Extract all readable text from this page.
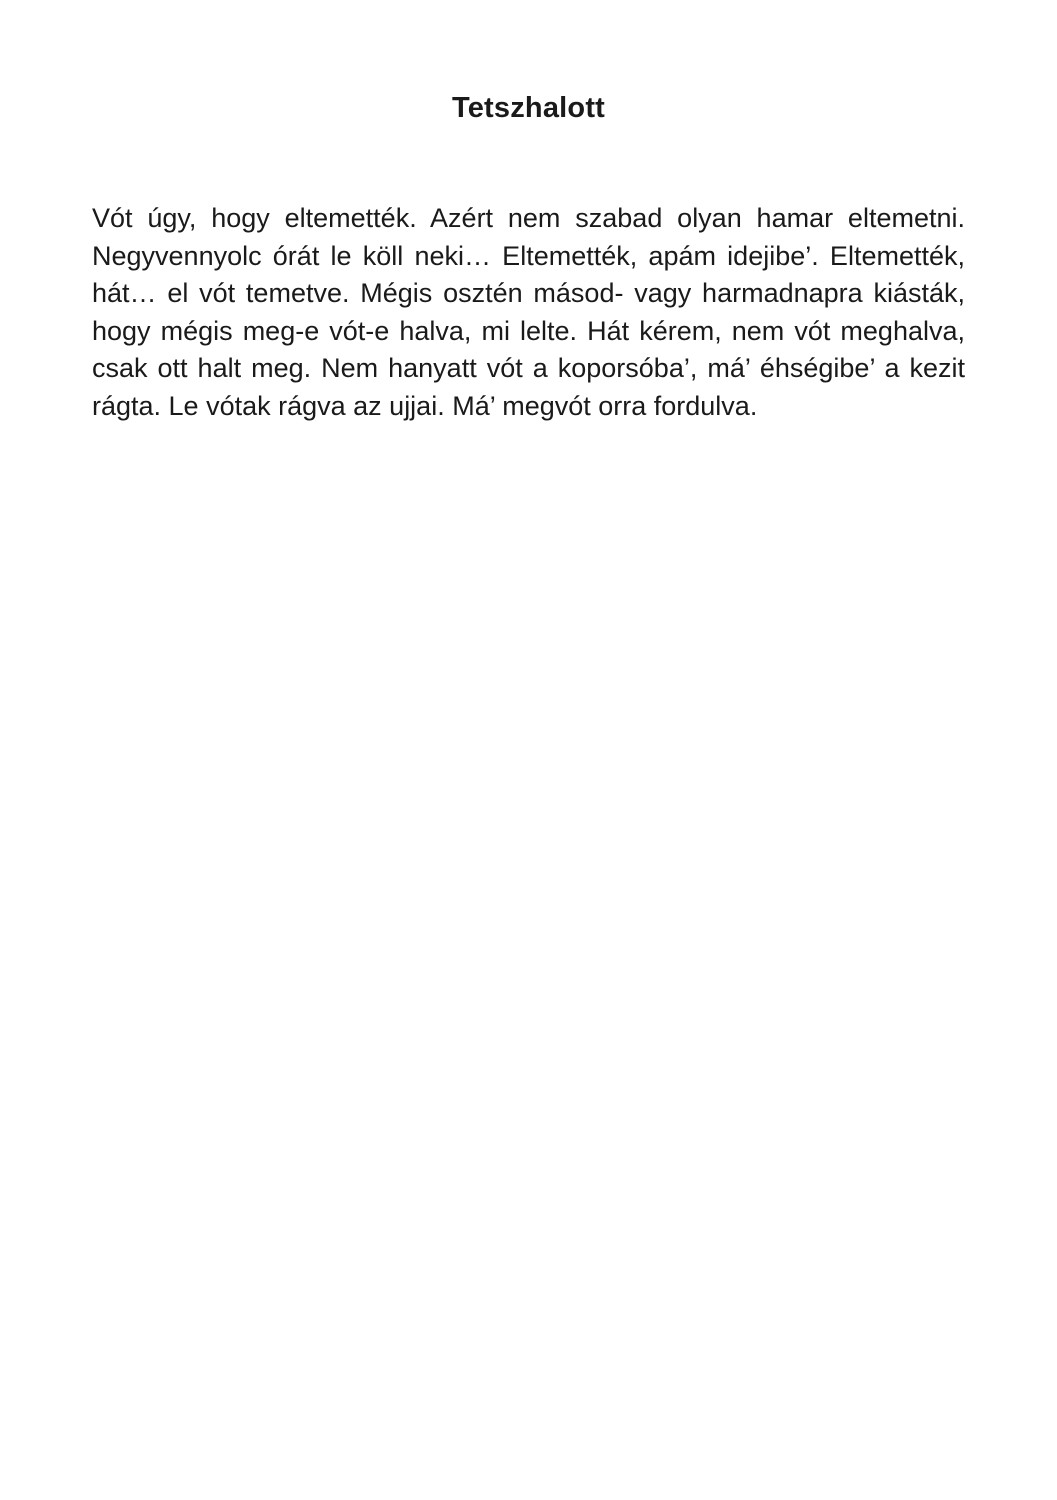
Tetszhalott

Vót úgy, hogy eltemették. Azért nem szabad olyan hamar eltemetni. Negyvennyolc órát le köll neki… Eltemették, apám idejibe’. Eltemették, hát… el vót temetve. Mégis osztén másod- vagy harmadnapra kiásták, hogy mégis meg-e vót-e halva, mi lelte. Hát kérem, nem vót meghalva, csak ott halt meg. Nem hanyatt vót a koporsóba’, má’ éhségibe’ a kezit rágta. Le vótak rágva az ujjai. Má’ megvót orra fordulva.
